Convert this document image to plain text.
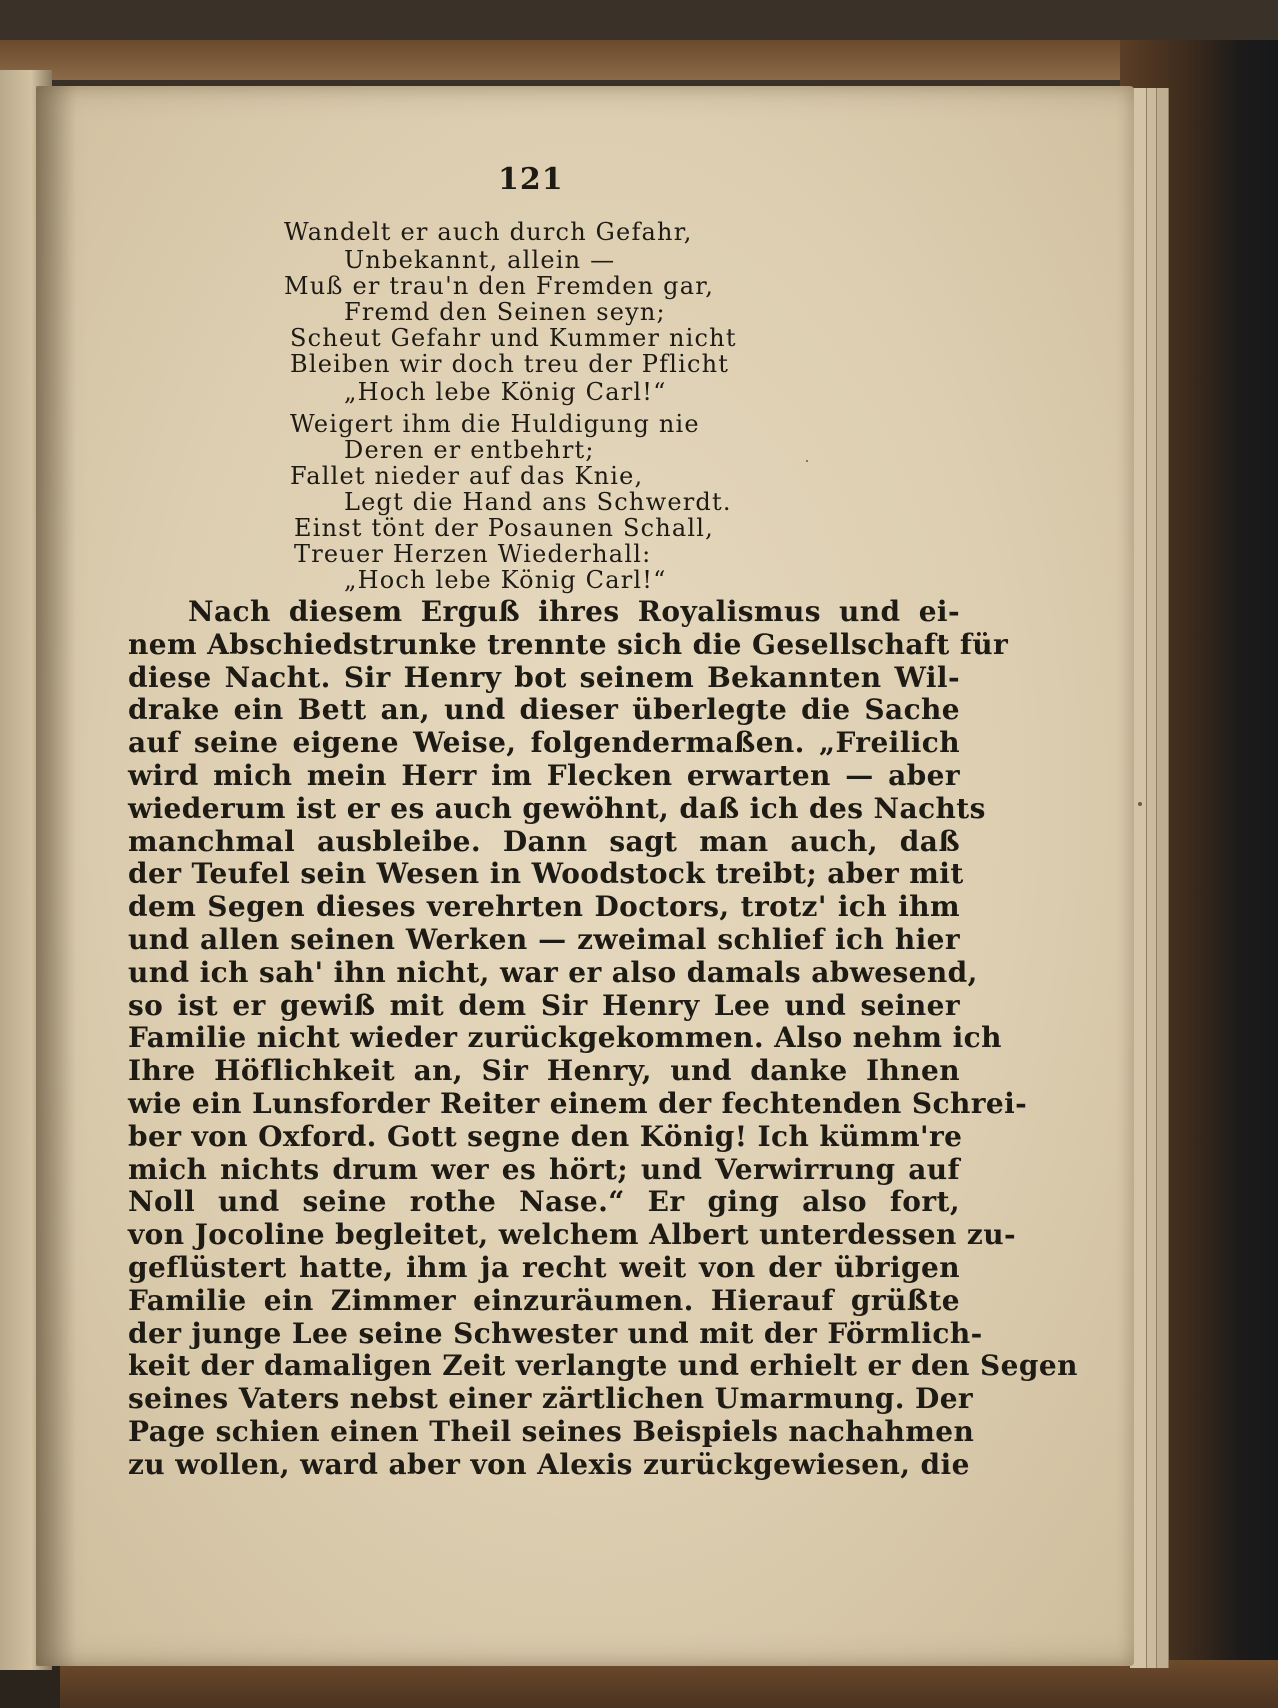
121
Wandelt er auch durch Gefahr,
Unbekannt, allein —
Muß er trau'n den Fremden gar,
Fremd den Seinen seyn;
Scheut Gefahr und Kummer nicht
Bleiben wir doch treu der Pflicht
„Hoch lebe König Carl!“
Weigert ihm die Huldigung nie
Deren er entbehrt;
Fallet nieder auf das Knie,
Legt die Hand ans Schwerdt.
Einst tönt der Posaunen Schall,
Treuer Herzen Wiederhall:
„Hoch lebe König Carl!“
Nach diesem Erguß ihres Royalismus und ei-
nem Abschiedstrunke trennte sich die Gesellschaft für
diese Nacht. Sir Henry bot seinem Bekannten Wil-
drake ein Bett an, und dieser überlegte die Sache
auf seine eigene Weise, folgendermaßen. „Freilich
wird mich mein Herr im Flecken erwarten — aber
wiederum ist er es auch gewöhnt, daß ich des Nachts
manchmal ausbleibe. Dann sagt man auch, daß
der Teufel sein Wesen in Woodstock treibt; aber mit
dem Segen dieses verehrten Doctors, trotz' ich ihm
und allen seinen Werken — zweimal schlief ich hier
und ich sah' ihn nicht, war er also damals abwesend,
so ist er gewiß mit dem Sir Henry Lee und seiner
Familie nicht wieder zurückgekommen. Also nehm ich
Ihre Höflichkeit an, Sir Henry, und danke Ihnen
wie ein Lunsforder Reiter einem der fechtenden Schrei-
ber von Oxford. Gott segne den König! Ich kümm're
mich nichts drum wer es hört; und Verwirrung auf
Noll und seine rothe Nase.“ Er ging also fort,
von Jocoline begleitet, welchem Albert unterdessen zu-
geflüstert hatte, ihm ja recht weit von der übrigen
Familie ein Zimmer einzuräumen. Hierauf grüßte
der junge Lee seine Schwester und mit der Förmlich-
keit der damaligen Zeit verlangte und erhielt er den Segen
seines Vaters nebst einer zärtlichen Umarmung. Der
Page schien einen Theil seines Beispiels nachahmen
zu wollen, ward aber von Alexis zurückgewiesen, die
